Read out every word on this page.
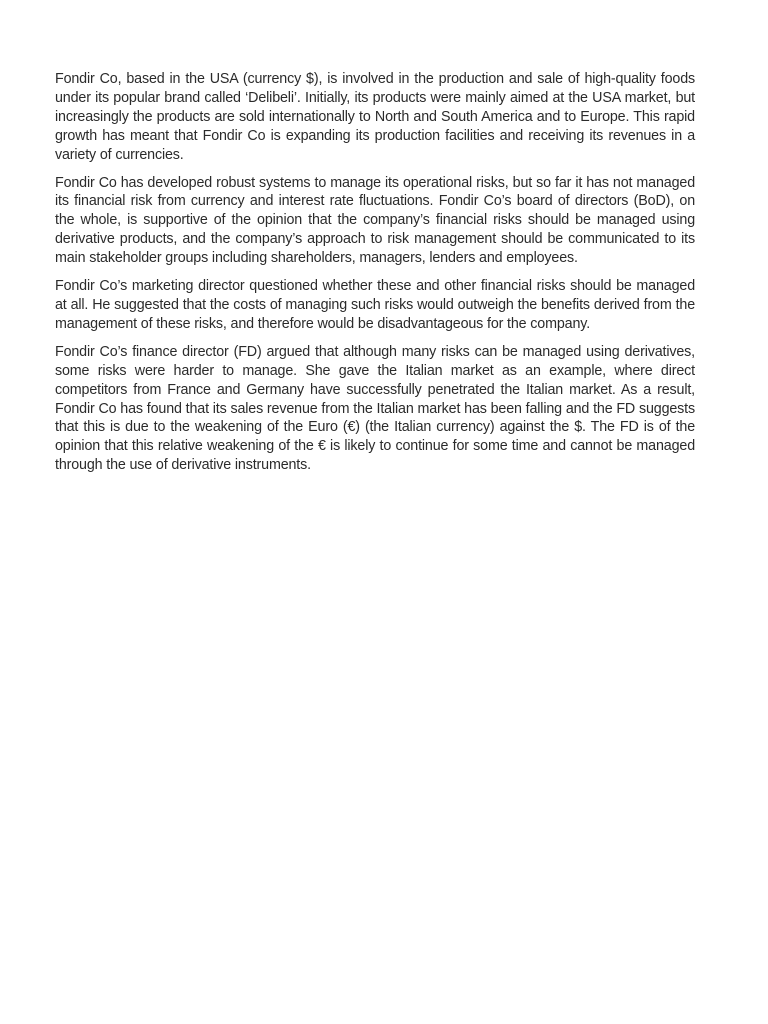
Fondir Co, based in the USA (currency $), is involved in the production and sale of high-quality foods under its popular brand called ‘Delibeli’. Initially, its products were mainly aimed at the USA market, but increasingly the products are sold internationally to North and South America and to Europe. This rapid growth has meant that Fondir Co is expanding its production facilities and receiving its revenues in a variety of currencies.

Fondir Co has developed robust systems to manage its operational risks, but so far it has not managed its financial risk from currency and interest rate fluctuations. Fondir Co’s board of directors (BoD), on the whole, is supportive of the opinion that the company’s financial risks should be managed using derivative products, and the company’s approach to risk management should be communicated to its main stakeholder groups including shareholders, managers, lenders and employees.

Fondir Co’s marketing director questioned whether these and other financial risks should be managed at all. He suggested that the costs of managing such risks would outweigh the benefits derived from the management of these risks, and therefore would be disadvantageous for the company.

Fondir Co’s finance director (FD) argued that although many risks can be managed using derivatives, some risks were harder to manage. She gave the Italian market as an example, where direct competitors from France and Germany have successfully penetrated the Italian market. As a result, Fondir Co has found that its sales revenue from the Italian market has been falling and the FD suggests that this is due to the weakening of the Euro (€) (the Italian currency) against the $. The FD is of the opinion that this relative weakening of the € is likely to continue for some time and cannot be managed through the use of derivative instruments.
